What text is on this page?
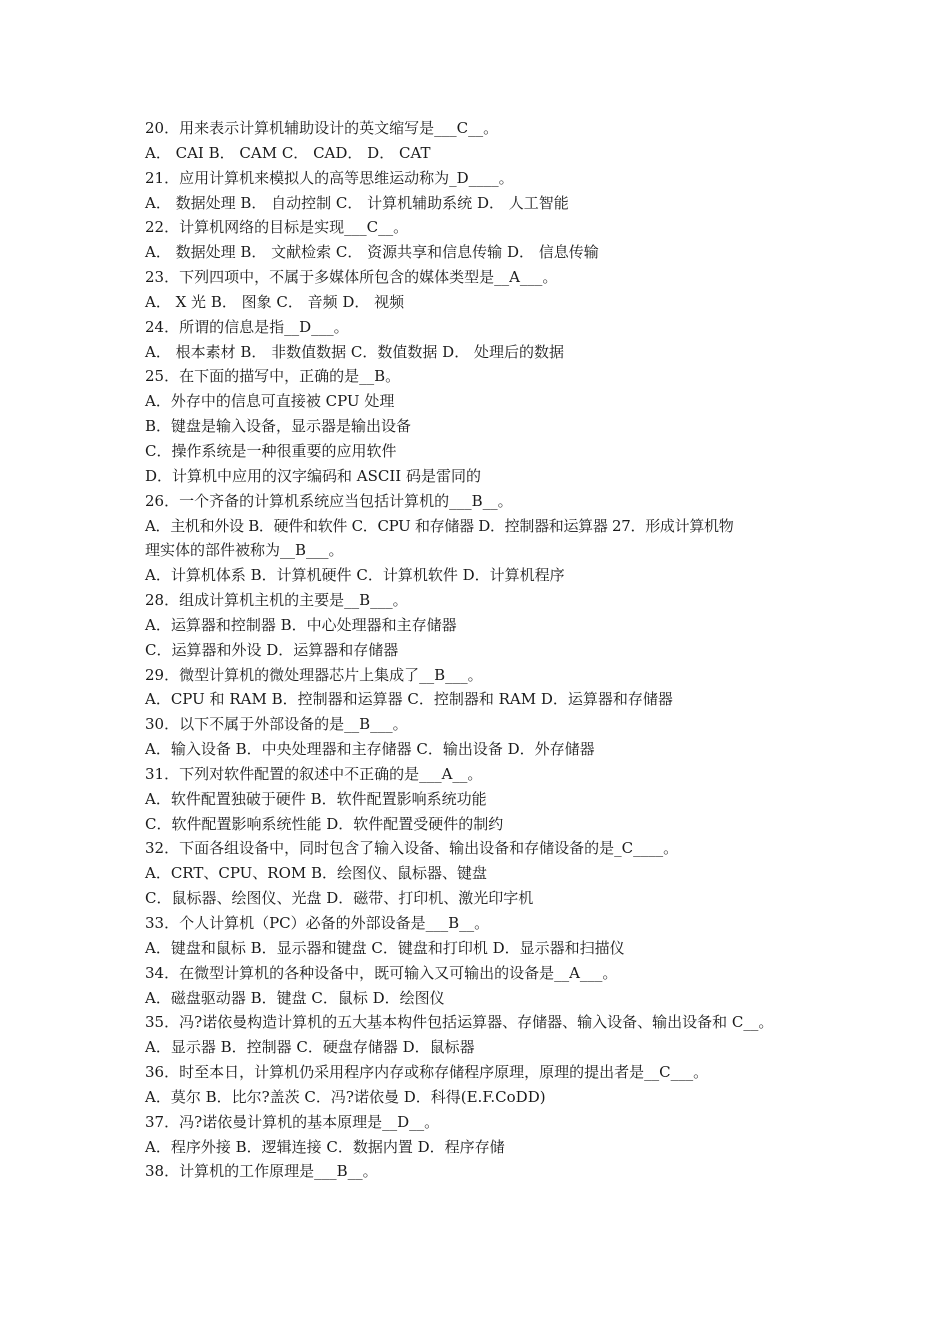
20．用来表示计算机辅助设计的英文缩写是___C__。
A． CAI B． CAM C． CAD． D． CAT
21．应用计算机来模拟人的高等思维运动称为_D____。
A． 数据处理 B． 自动控制 C． 计算机辅助系统 D． 人工智能
22．计算机网络的目标是实现___C__。
A． 数据处理 B． 文献检索 C． 资源共享和信息传输 D． 信息传输
23．下列四项中，不属于多媒体所包含的媒体类型是__A___。
A． X 光 B． 图象 C． 音频 D． 视频
24．所谓的信息是指__D___。
A． 根本素材 B． 非数值数据 C．数值数据 D． 处理后的数据
25．在下面的描写中，正确的是__B。
A．外存中的信息可直接被 CPU 处理
B．键盘是输入设备，显示器是输出设备
C．操作系统是一种很重要的应用软件
D．计算机中应用的汉字编码和 ASCII 码是雷同的
26．一个齐备的计算机系统应当包括计算机的___B__。
A．主机和外设 B．硬件和软件 C．CPU 和存储器 D．控制器和运算器 27．形成计算机物
理实体的部件被称为__B___。
A．计算机体系 B．计算机硬件 C．计算机软件 D．计算机程序
28．组成计算机主机的主要是__B___。
A．运算器和控制器 B．中心处理器和主存储器
C．运算器和外设 D．运算器和存储器
29．微型计算机的微处理器芯片上集成了__B___。
A．CPU 和 RAM B．控制器和运算器 C．控制器和 RAM D．运算器和存储器
30．以下不属于外部设备的是__B___。
A．输入设备 B．中央处理器和主存储器 C．输出设备 D．外存储器
31．下列对软件配置的叙述中不正确的是___A__。
A．软件配置独破于硬件 B．软件配置影响系统功能
C．软件配置影响系统性能 D．软件配置受硬件的制约
32．下面各组设备中，同时包含了输入设备、输出设备和存储设备的是_C____。
A．CRT、CPU、ROM B．绘图仪、鼠标器、键盘
C．鼠标器、绘图仪、光盘 D．磁带、打印机、激光印字机
33．个人计算机（PC）必备的外部设备是___B__。
A．键盘和鼠标 B．显示器和键盘 C．键盘和打印机 D．显示器和扫描仪
34．在微型计算机的各种设备中，既可输入又可输出的设备是__A___。
A．磁盘驱动器 B．键盘 C．鼠标 D．绘图仪
35．冯?诺依曼构造计算机的五大基本构件包括运算器、存储器、输入设备、输出设备和 C__。
A．显示器 B．控制器 C．硬盘存储器 D．鼠标器
36．时至本日，计算机仍采用程序内存或称存储程序原理，原理的提出者是__C___。
A．莫尔 B．比尔?盖茨 C．冯?诺依曼 D．科得(E.F.CoDD)
37．冯?诺依曼计算机的基本原理是__D__。
A．程序外接 B．逻辑连接 C．数据内置 D．程序存储
38．计算机的工作原理是___B__。
